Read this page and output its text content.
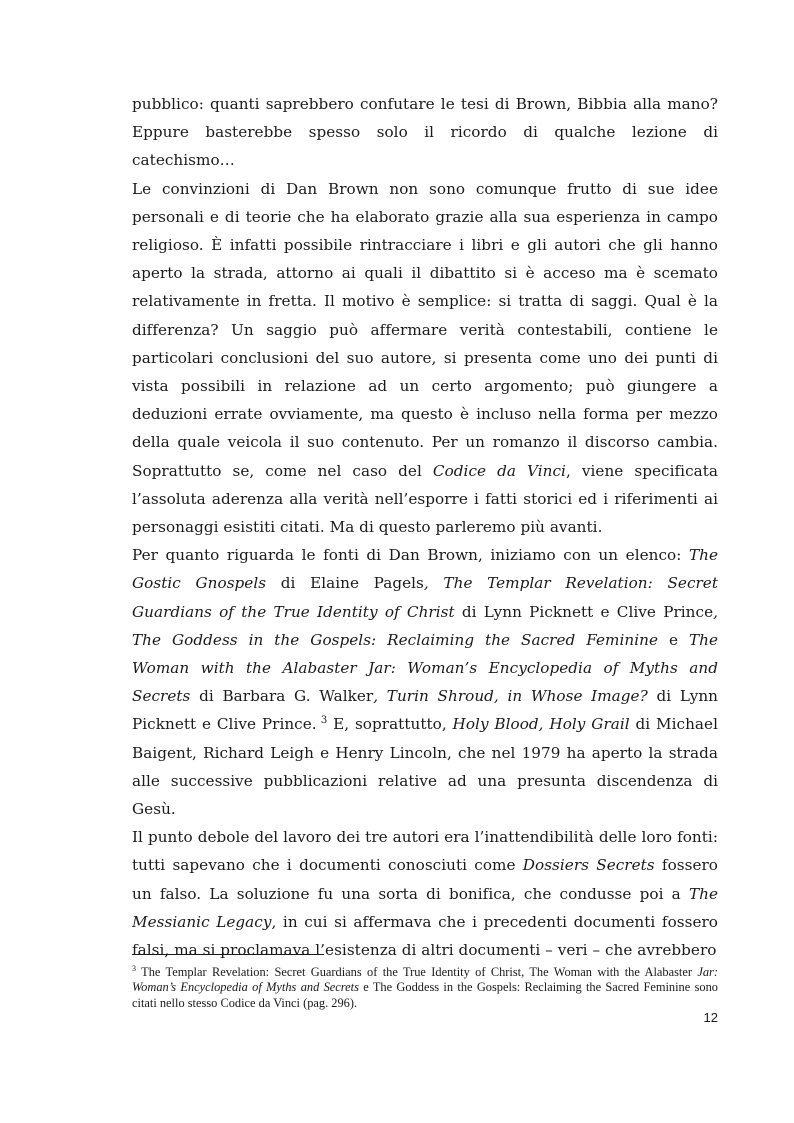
pubblico: quanti saprebbero confutare le tesi di Brown, Bibbia alla mano? Eppure basterebbe spesso solo il ricordo di qualche lezione di catechismo…

Le convinzioni di Dan Brown non sono comunque frutto di sue idee personali e di teorie che ha elaborato grazie alla sua esperienza in campo religioso. È infatti possibile rintracciare i libri e gli autori che gli hanno aperto la strada, attorno ai quali il dibattito si è acceso ma è scemato relativamente in fretta. Il motivo è semplice: si tratta di saggi. Qual è la differenza? Un saggio può affermare verità contestabili, contiene le particolari conclusioni del suo autore, si presenta come uno dei punti di vista possibili in relazione ad un certo argomento; può giungere a deduzioni errate ovviamente, ma questo è incluso nella forma per mezzo della quale veicola il suo contenuto. Per un romanzo il discorso cambia. Soprattutto se, come nel caso del Codice da Vinci, viene specificata l’assoluta aderenza alla verità nell’esporre i fatti storici ed i riferimenti ai personaggi esistiti citati. Ma di questo parleremo più avanti.

Per quanto riguarda le fonti di Dan Brown, iniziamo con un elenco: The Gostic Gnospels di Elaine Pagels, The Templar Revelation: Secret Guardians of the True Identity of Christ di Lynn Picknett e Clive Prince, The Goddess in the Gospels: Reclaiming the Sacred Feminine e The Woman with the Alabaster Jar: Woman’s Encyclopedia of Myths and Secrets di Barbara G. Walker, Turin Shroud, in Whose Image? di Lynn Picknett e Clive Prince. $^3$ E, soprattutto, Holy Blood, Holy Grail di Michael Baigent, Richard Leigh e Henry Lincoln, che nel 1979 ha aperto la strada alle successive pubblicazioni relative ad una presunta discendenza di Gesù.

Il punto debole del lavoro dei tre autori era l’inattendibilità delle loro fonti: tutti sapevano che i documenti conosciuti come Dossiers Secrets fossero un falso. La soluzione fu una sorta di bonifica, che condusse poi a The Messianic Legacy, in cui si affermava che i precedenti documenti fossero falsi, ma si proclamava l’esistenza di altri documenti – veri – che avrebbero

$^3$ The Templar Revelation: Secret Guardians of the True Identity of Christ, The Woman with the Alabaster Jar: Woman’s Encyclopedia of Myths and Secrets e The Goddess in the Gospels: Reclaiming the Sacred Feminine sono citati nello stesso Codice da Vinci (pag. 296).

12
